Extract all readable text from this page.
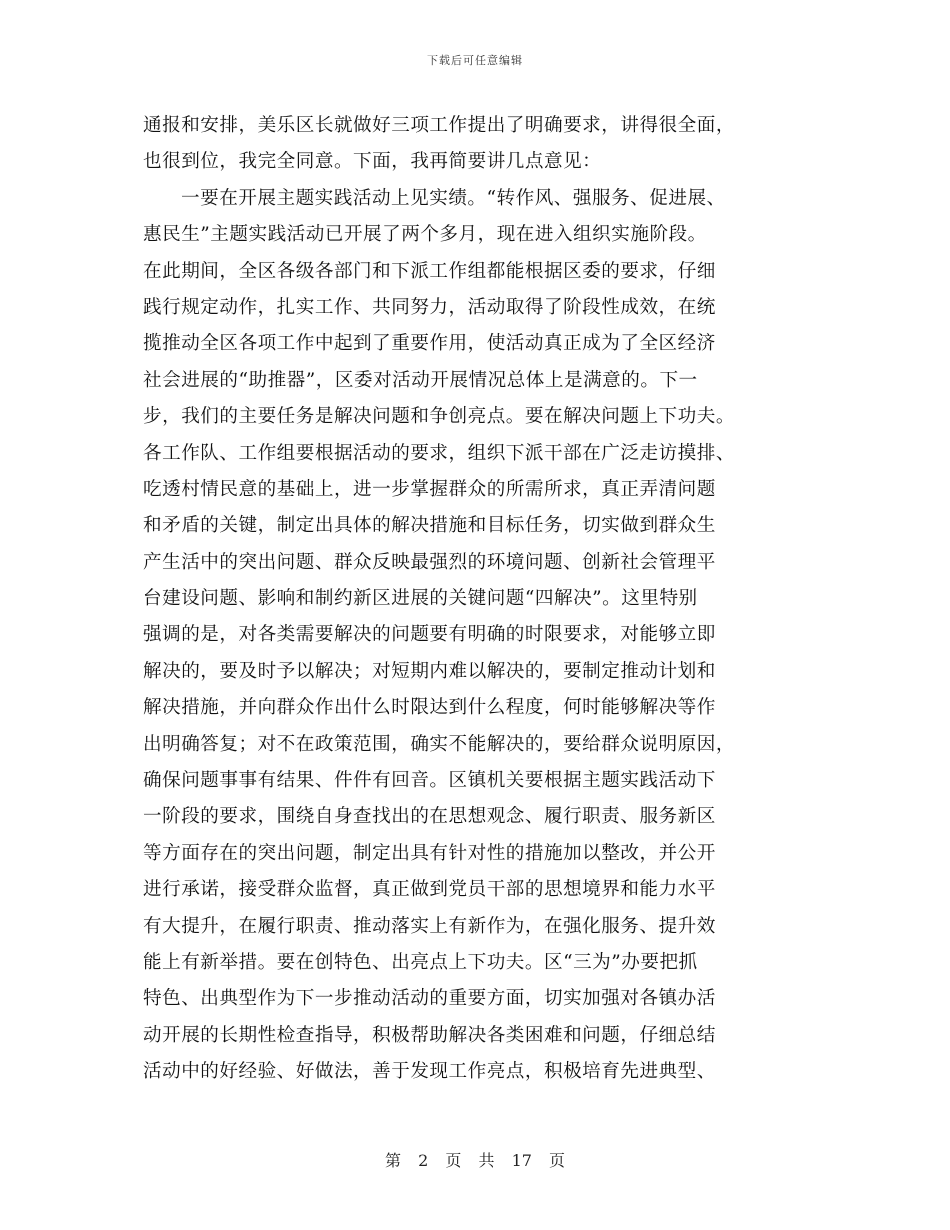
下载后可任意编辑
通报和安排，美乐区长就做好三项工作提出了明确要求，讲得很全面，
也很到位，我完全同意。下面，我再简要讲几点意见：
一要在开展主题实践活动上见实绩。“转作风、强服务、促进展、
惠民生”主题实践活动已开展了两个多月，现在进入组织实施阶段。
在此期间，全区各级各部门和下派工作组都能根据区委的要求，仔细
践行规定动作，扎实工作、共同努力，活动取得了阶段性成效，在统
揽推动全区各项工作中起到了重要作用，使活动真正成为了全区经济
社会进展的“助推器”，区委对活动开展情况总体上是满意的。下一
步，我们的主要任务是解决问题和争创亮点。要在解决问题上下功夫。
各工作队、工作组要根据活动的要求，组织下派干部在广泛走访摸排、
吃透村情民意的基础上，进一步掌握群众的所需所求，真正弄清问题
和矛盾的关键，制定出具体的解决措施和目标任务，切实做到群众生
产生活中的突出问题、群众反映最强烈的环境问题、创新社会管理平
台建设问题、影响和制约新区进展的关键问题“四解决”。这里特别
强调的是，对各类需要解决的问题要有明确的时限要求，对能够立即
解决的，要及时予以解决；对短期内难以解决的，要制定推动计划和
解决措施，并向群众作出什么时限达到什么程度，何时能够解决等作
出明确答复；对不在政策范围，确实不能解决的，要给群众说明原因，
确保问题事事有结果、件件有回音。区镇机关要根据主题实践活动下
一阶段的要求，围绕自身查找出的在思想观念、履行职责、服务新区
等方面存在的突出问题，制定出具有针对性的措施加以整改，并公开
进行承诺，接受群众监督，真正做到党员干部的思想境界和能力水平
有大提升，在履行职责、推动落实上有新作为，在强化服务、提升效
能上有新举措。要在创特色、出亮点上下功夫。区“三为”办要把抓
特色、出典型作为下一步推动活动的重要方面，切实加强对各镇办活
动开展的长期性检查指导，积极帮助解决各类困难和问题，仔细总结
活动中的好经验、好做法，善于发现工作亮点，积极培育先进典型、
第 2 页 共 17 页
